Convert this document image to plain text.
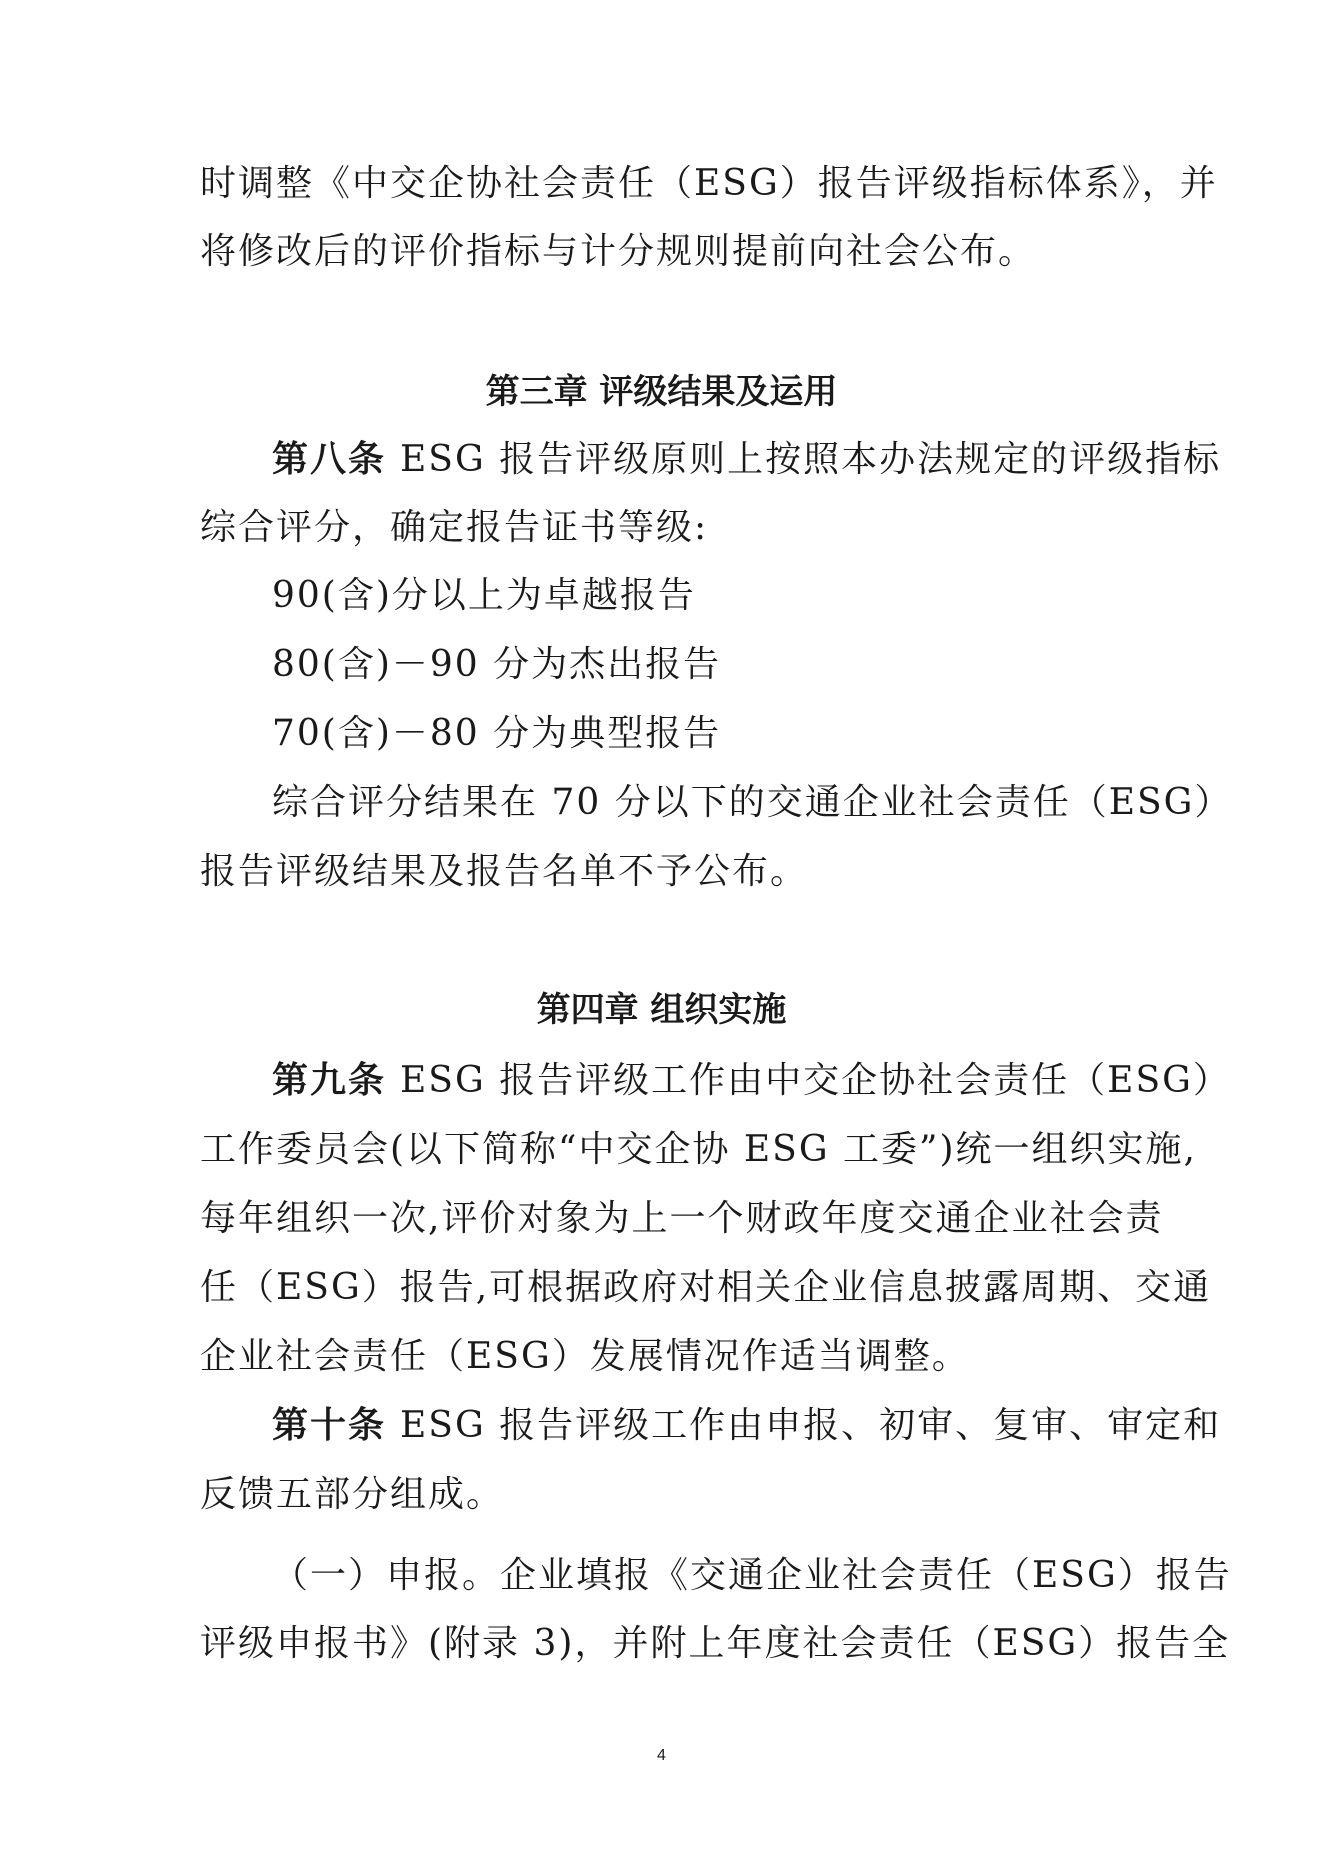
时调整《中交企协社会责任（ESG）报告评级指标体系》，并
将修改后的评价指标与计分规则提前向社会公布。
第三章 评级结果及运用
第八条 ESG 报告评级原则上按照本办法规定的评级指标
综合评分，确定报告证书等级:
90(含)分以上为卓越报告
80(含)－90 分为杰出报告
70(含)－80 分为典型报告
综合评分结果在 70 分以下的交通企业社会责任（ESG）
报告评级结果及报告名单不予公布。
第四章 组织实施
第九条 ESG 报告评级工作由中交企协社会责任（ESG）
工作委员会(以下简称“中交企协 ESG 工委”)统一组织实施,
每年组织一次,评价对象为上一个财政年度交通企业社会责
任（ESG）报告,可根据政府对相关企业信息披露周期、交通
企业社会责任（ESG）发展情况作适当调整。
第十条 ESG 报告评级工作由申报、初审、复审、审定和
反馈五部分组成。
（一）申报。企业填报《交通企业社会责任（ESG）报告
评级申报书》(附录 3)，并附上年度社会责任（ESG）报告全
4
